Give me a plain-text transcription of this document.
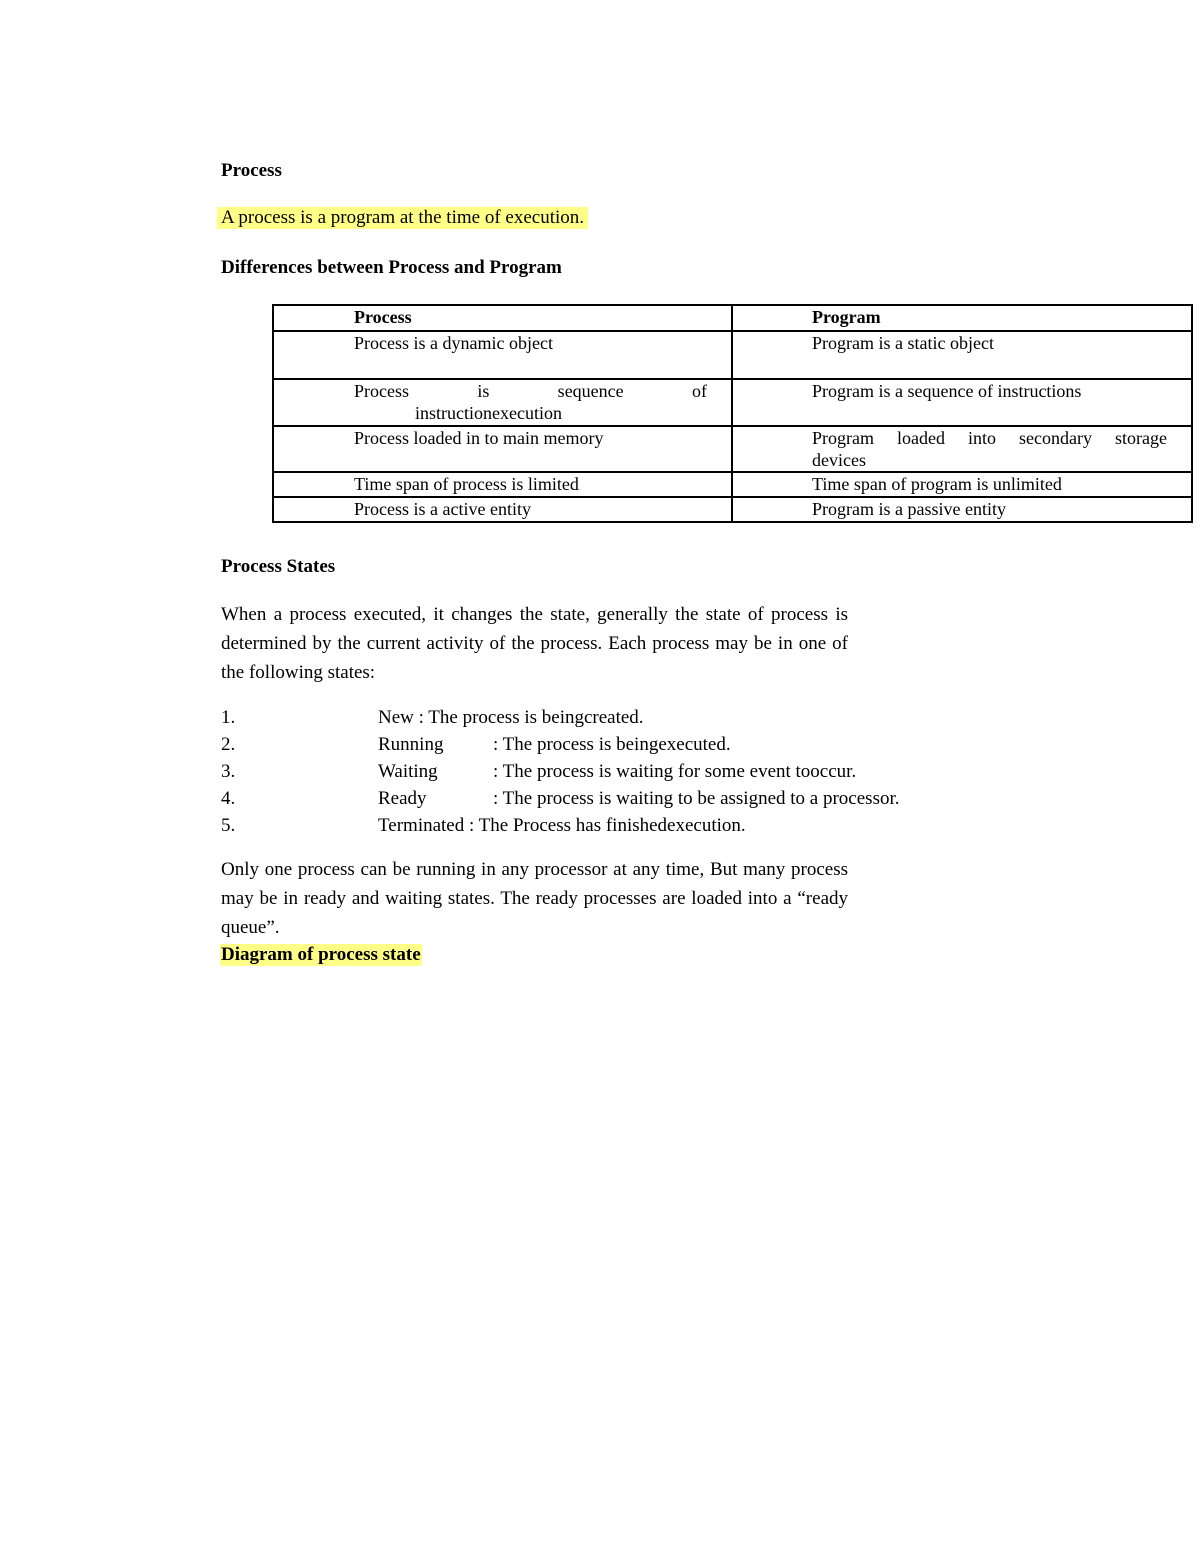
Process
A process is a program at the time of execution.
Differences between Process and Program
Process	Program
Process is a dynamic object	Program is a static object

Process is sequence of
instructionexecution	Program is a sequence of instructions
Process loaded in to main memory	Program loaded into secondary storage
devices

Time span of process is limited	Time span of program is unlimited
Process is a active entity	Program is a passive entity
Process States
When a process executed, it changes the state, generally the state of process is determined by the current activity of the process. Each process may be in one of the following states:
1.	New : The process is beingcreated.
2.	Running	: The process is beingexecuted.
3.	Waiting	: The process is waiting for some event tooccur.
4.	Ready	: The process is waiting to be assigned to a processor.
5.	Terminated : The Process has finishedexecution.
Only one process can be running in any processor at any time, But many process may be in ready and waiting states. The ready processes are loaded into a “ready queue”.
Diagram of process state
